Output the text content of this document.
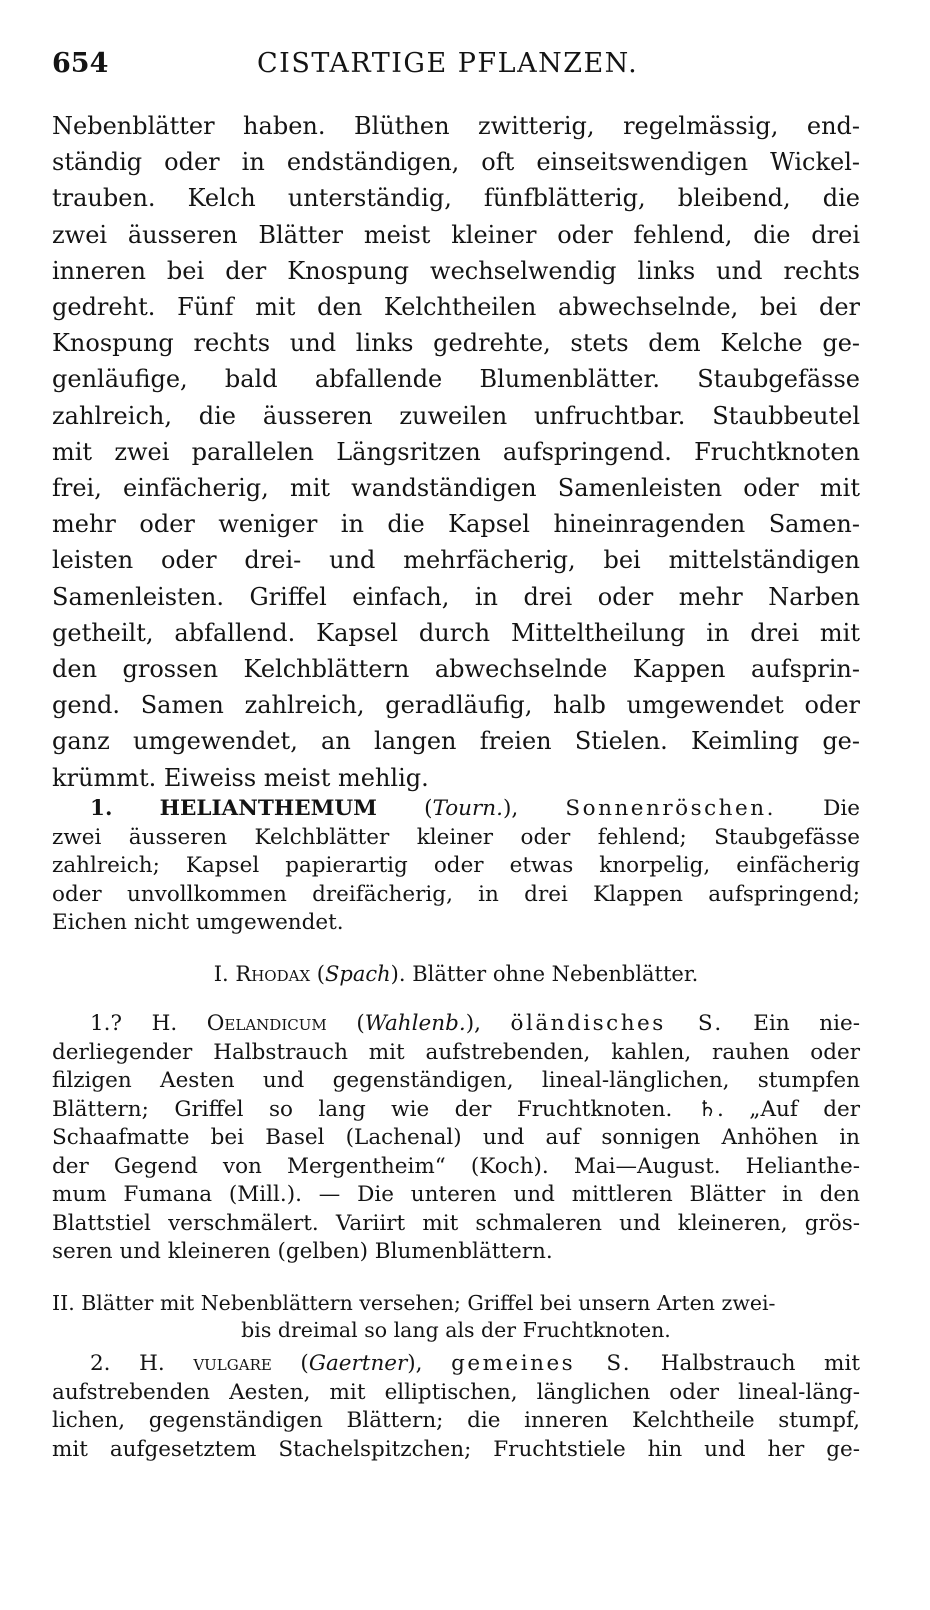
654	CISTARTIGE PFLANZEN.
Nebenblätter haben. Blüthen zwitterig, regelmässig, end-
ständig oder in endständigen, oft einseitswendigen Wickel-
trauben. Kelch unterständig, fünfblätterig, bleibend, die
zwei äusseren Blätter meist kleiner oder fehlend, die drei
inneren bei der Knospung wechselwendig links und rechts
gedreht. Fünf mit den Kelchtheilen abwechselnde, bei der
Knospung rechts und links gedrehte, stets dem Kelche ge-
genläufige, bald abfallende Blumenblätter. Staubgefässe
zahlreich, die äusseren zuweilen unfruchtbar. Staubbeutel
mit zwei parallelen Längsritzen aufspringend. Fruchtknoten
frei, einfächerig, mit wandständigen Samenleisten oder mit
mehr oder weniger in die Kapsel hineinragenden Samen-
leisten oder drei- und mehrfächerig, bei mittelständigen
Samenleisten. Griffel einfach, in drei oder mehr Narben
getheilt, abfallend. Kapsel durch Mitteltheilung in drei mit
den grossen Kelchblättern abwechselnde Kappen aufsprin-
gend. Samen zahlreich, geradläufig, halb umgewendet oder
ganz umgewendet, an langen freien Stielen. Keimling ge-
krümmt. Eiweiss meist mehlig.
1. HELIANTHEMUM (Tourn.), Sonnenröschen. Die
zwei äusseren Kelchblätter kleiner oder fehlend; Staubgefässe
zahlreich; Kapsel papierartig oder etwas knorpelig, einfächerig
oder unvollkommen dreifächerig, in drei Klappen aufspringend;
Eichen nicht umgewendet.
I. Rhodax (Spach). Blätter ohne Nebenblätter.
1.? H. Oelandicum (Wahlenb.), öländisches S. Ein nie-
derliegender Halbstrauch mit aufstrebenden, kahlen, rauhen oder
filzigen Aesten und gegenständigen, lineal-länglichen, stumpfen
Blättern; Griffel so lang wie der Fruchtknoten. ♄. „Auf der
Schaafmatte bei Basel (Lachenal) und auf sonnigen Anhöhen in
der Gegend von Mergentheim“ (Koch). Mai—August. Helianthe-
mum Fumana (Mill.). — Die unteren und mittleren Blätter in den
Blattstiel verschmälert. Variirt mit schmaleren und kleineren, grös-
seren und kleineren (gelben) Blumenblättern.
II. Blätter mit Nebenblättern versehen; Griffel bei unsern Arten zwei-
bis dreimal so lang als der Fruchtknoten.
2. H. vulgare (Gaertner), gemeines S. Halbstrauch mit
aufstrebenden Aesten, mit elliptischen, länglichen oder lineal-läng-
lichen, gegenständigen Blättern; die inneren Kelchtheile stumpf,
mit aufgesetztem Stachelspitzchen; Fruchtstiele hin und her ge-
